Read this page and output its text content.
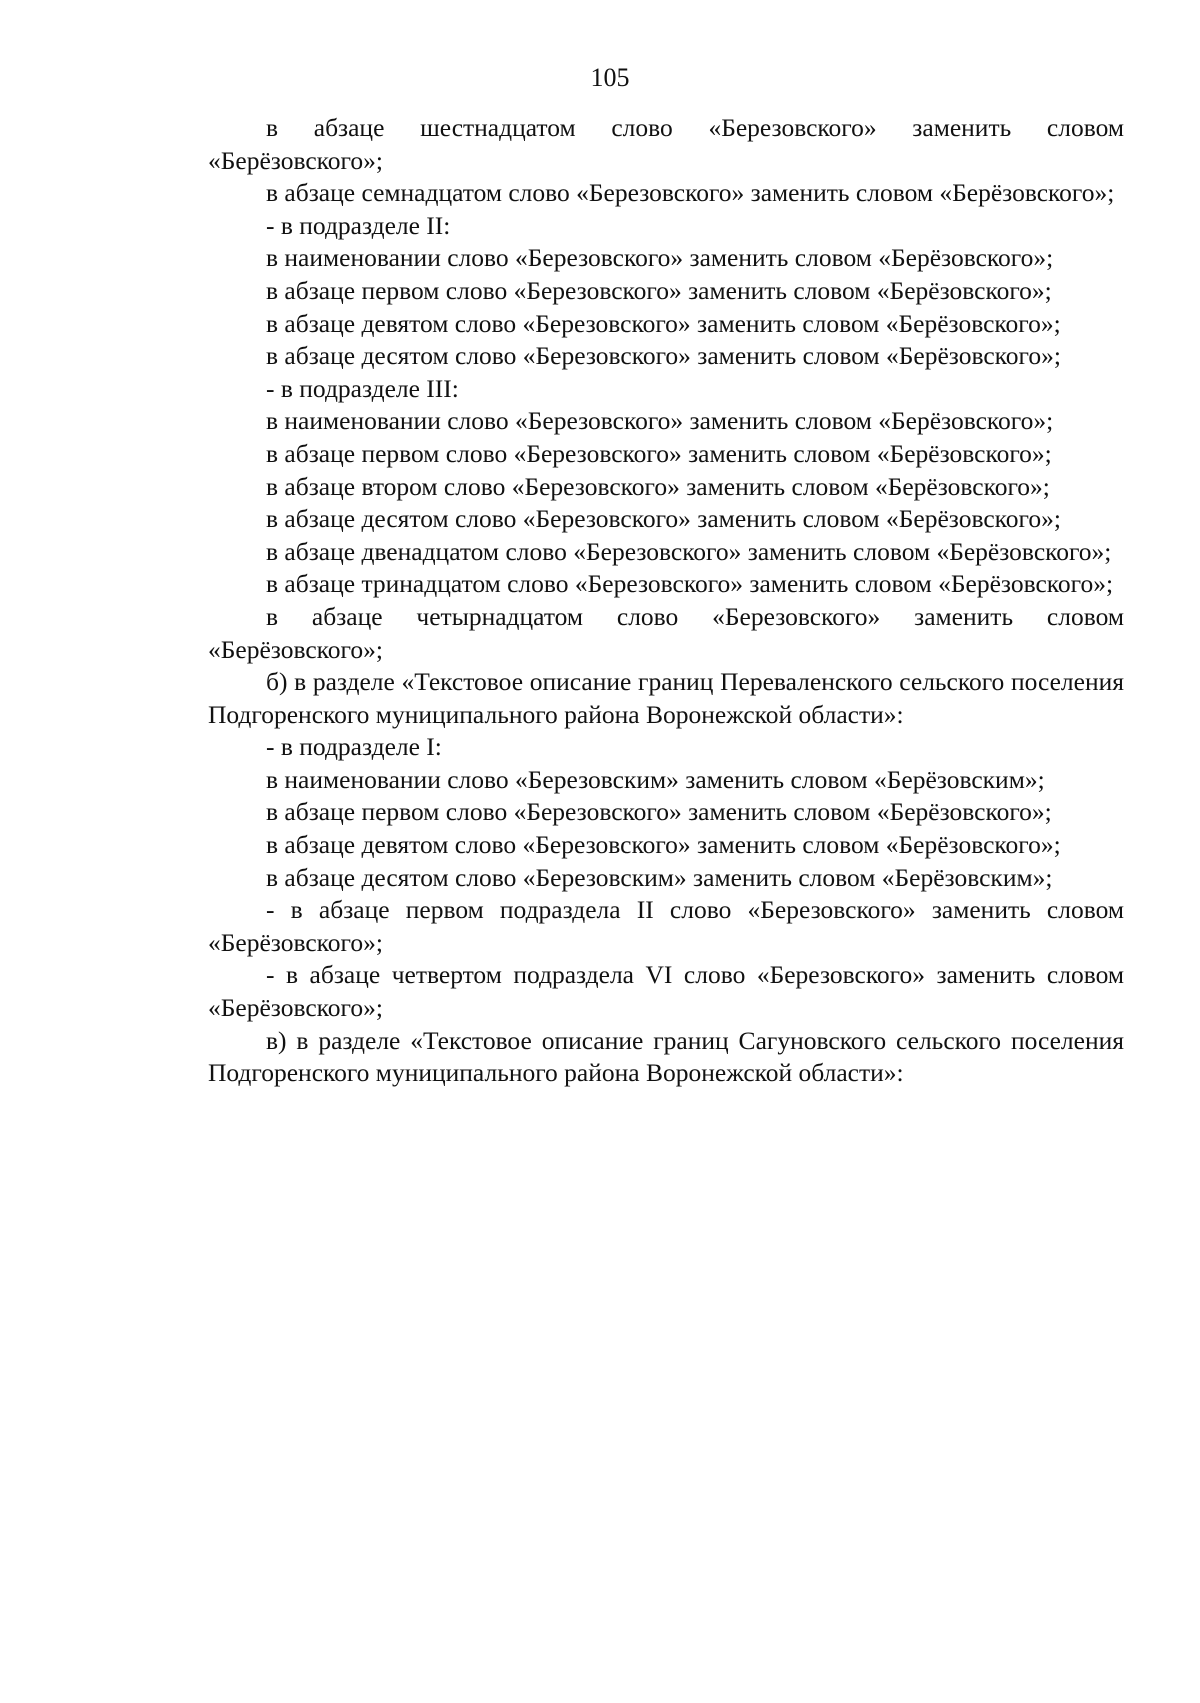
105

в абзаце шестнадцатом слово «Березовского» заменить словом «Берёзовского»;

в абзаце семнадцатом слово «Березовского» заменить словом «Берёзовского»;

- в подразделе II:

в наименовании слово «Березовского» заменить словом «Берёзовского»;

в абзаце первом слово «Березовского» заменить словом «Берёзовского»;

в абзаце девятом слово «Березовского» заменить словом «Берёзовского»;

в абзаце десятом слово «Березовского» заменить словом «Берёзовского»;

- в подразделе III:

в наименовании слово «Березовского» заменить словом «Берёзовского»;

в абзаце первом слово «Березовского» заменить словом «Берёзовского»;

в абзаце втором слово «Березовского» заменить словом «Берёзовского»;

в абзаце десятом слово «Березовского» заменить словом «Берёзовского»;

в абзаце двенадцатом слово «Березовского» заменить словом «Берёзовского»;

в абзаце тринадцатом слово «Березовского» заменить словом «Берёзовского»;

в абзаце четырнадцатом слово «Березовского» заменить словом «Берёзовского»;

б) в разделе «Текстовое описание границ Переваленского сельского поселения Подгоренского муниципального района Воронежской области»:

- в подразделе I:

в наименовании слово «Березовским» заменить словом «Берёзовским»;

в абзаце первом слово «Березовского» заменить словом «Берёзовского»;

в абзаце девятом слово «Березовского» заменить словом «Берёзовского»;

в абзаце десятом слово «Березовским» заменить словом «Берёзовским»;

- в абзаце первом подраздела II слово «Березовского» заменить словом «Берёзовского»;

- в абзаце четвертом подраздела VI слово «Березовского» заменить словом «Берёзовского»;

в) в разделе «Текстовое описание границ Сагуновского сельского поселения Подгоренского муниципального района Воронежской области»:
